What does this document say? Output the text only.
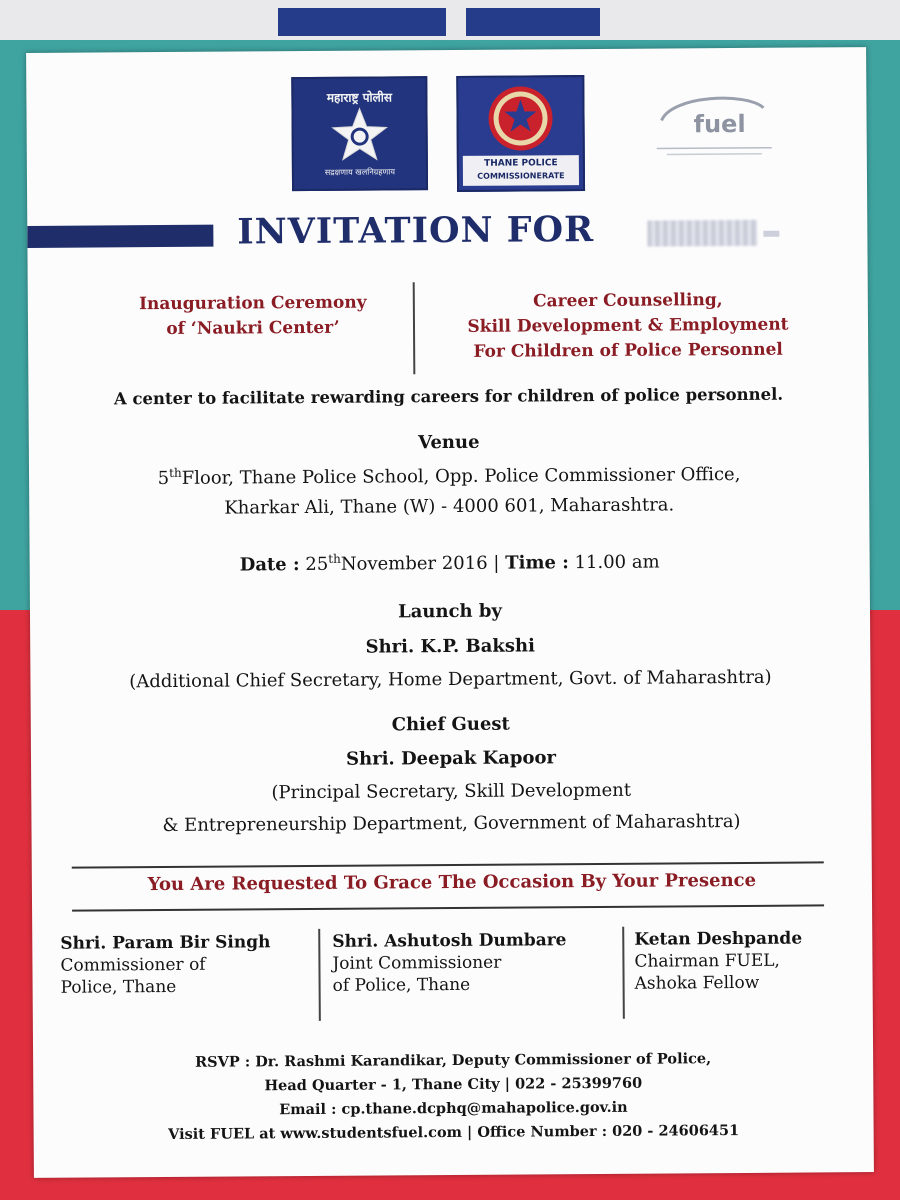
महाराष्ट्र पोलीस
सद्रक्षणाय खलनिग्रहणाय
THANE POLICE
COMMISSIONERATE
fuel
INVITATION FOR
Inauguration Ceremony
of ‘Naukri Center’
Career Counselling,
Skill Development & Employment
For Children of Police Personnel
A center to facilitate rewarding careers for children of police personnel.
Venue
5thFloor, Thane Police School, Opp. Police Commissioner Office,
Kharkar Ali, Thane (W) - 4000 601, Maharashtra.
Date : 25thNovember 2016 | Time : 11.00 am
Launch by
Shri. K.P. Bakshi
(Additional Chief Secretary, Home Department, Govt. of Maharashtra)
Chief Guest
Shri. Deepak Kapoor
(Principal Secretary, Skill Development
& Entrepreneurship Department, Government of Maharashtra)
You Are Requested To Grace The Occasion By Your Presence
Shri. Param Bir Singh
Commissioner of
Police, Thane
Shri. Ashutosh Dumbare
Joint Commissioner
of Police, Thane
Ketan Deshpande
Chairman FUEL,
Ashoka Fellow
RSVP : Dr. Rashmi Karandikar, Deputy Commissioner of Police,
Head Quarter - 1, Thane City | 022 - 25399760
Email : cp.thane.dcphq@mahapolice.gov.in
Visit FUEL at www.studentsfuel.com | Office Number : 020 - 24606451
